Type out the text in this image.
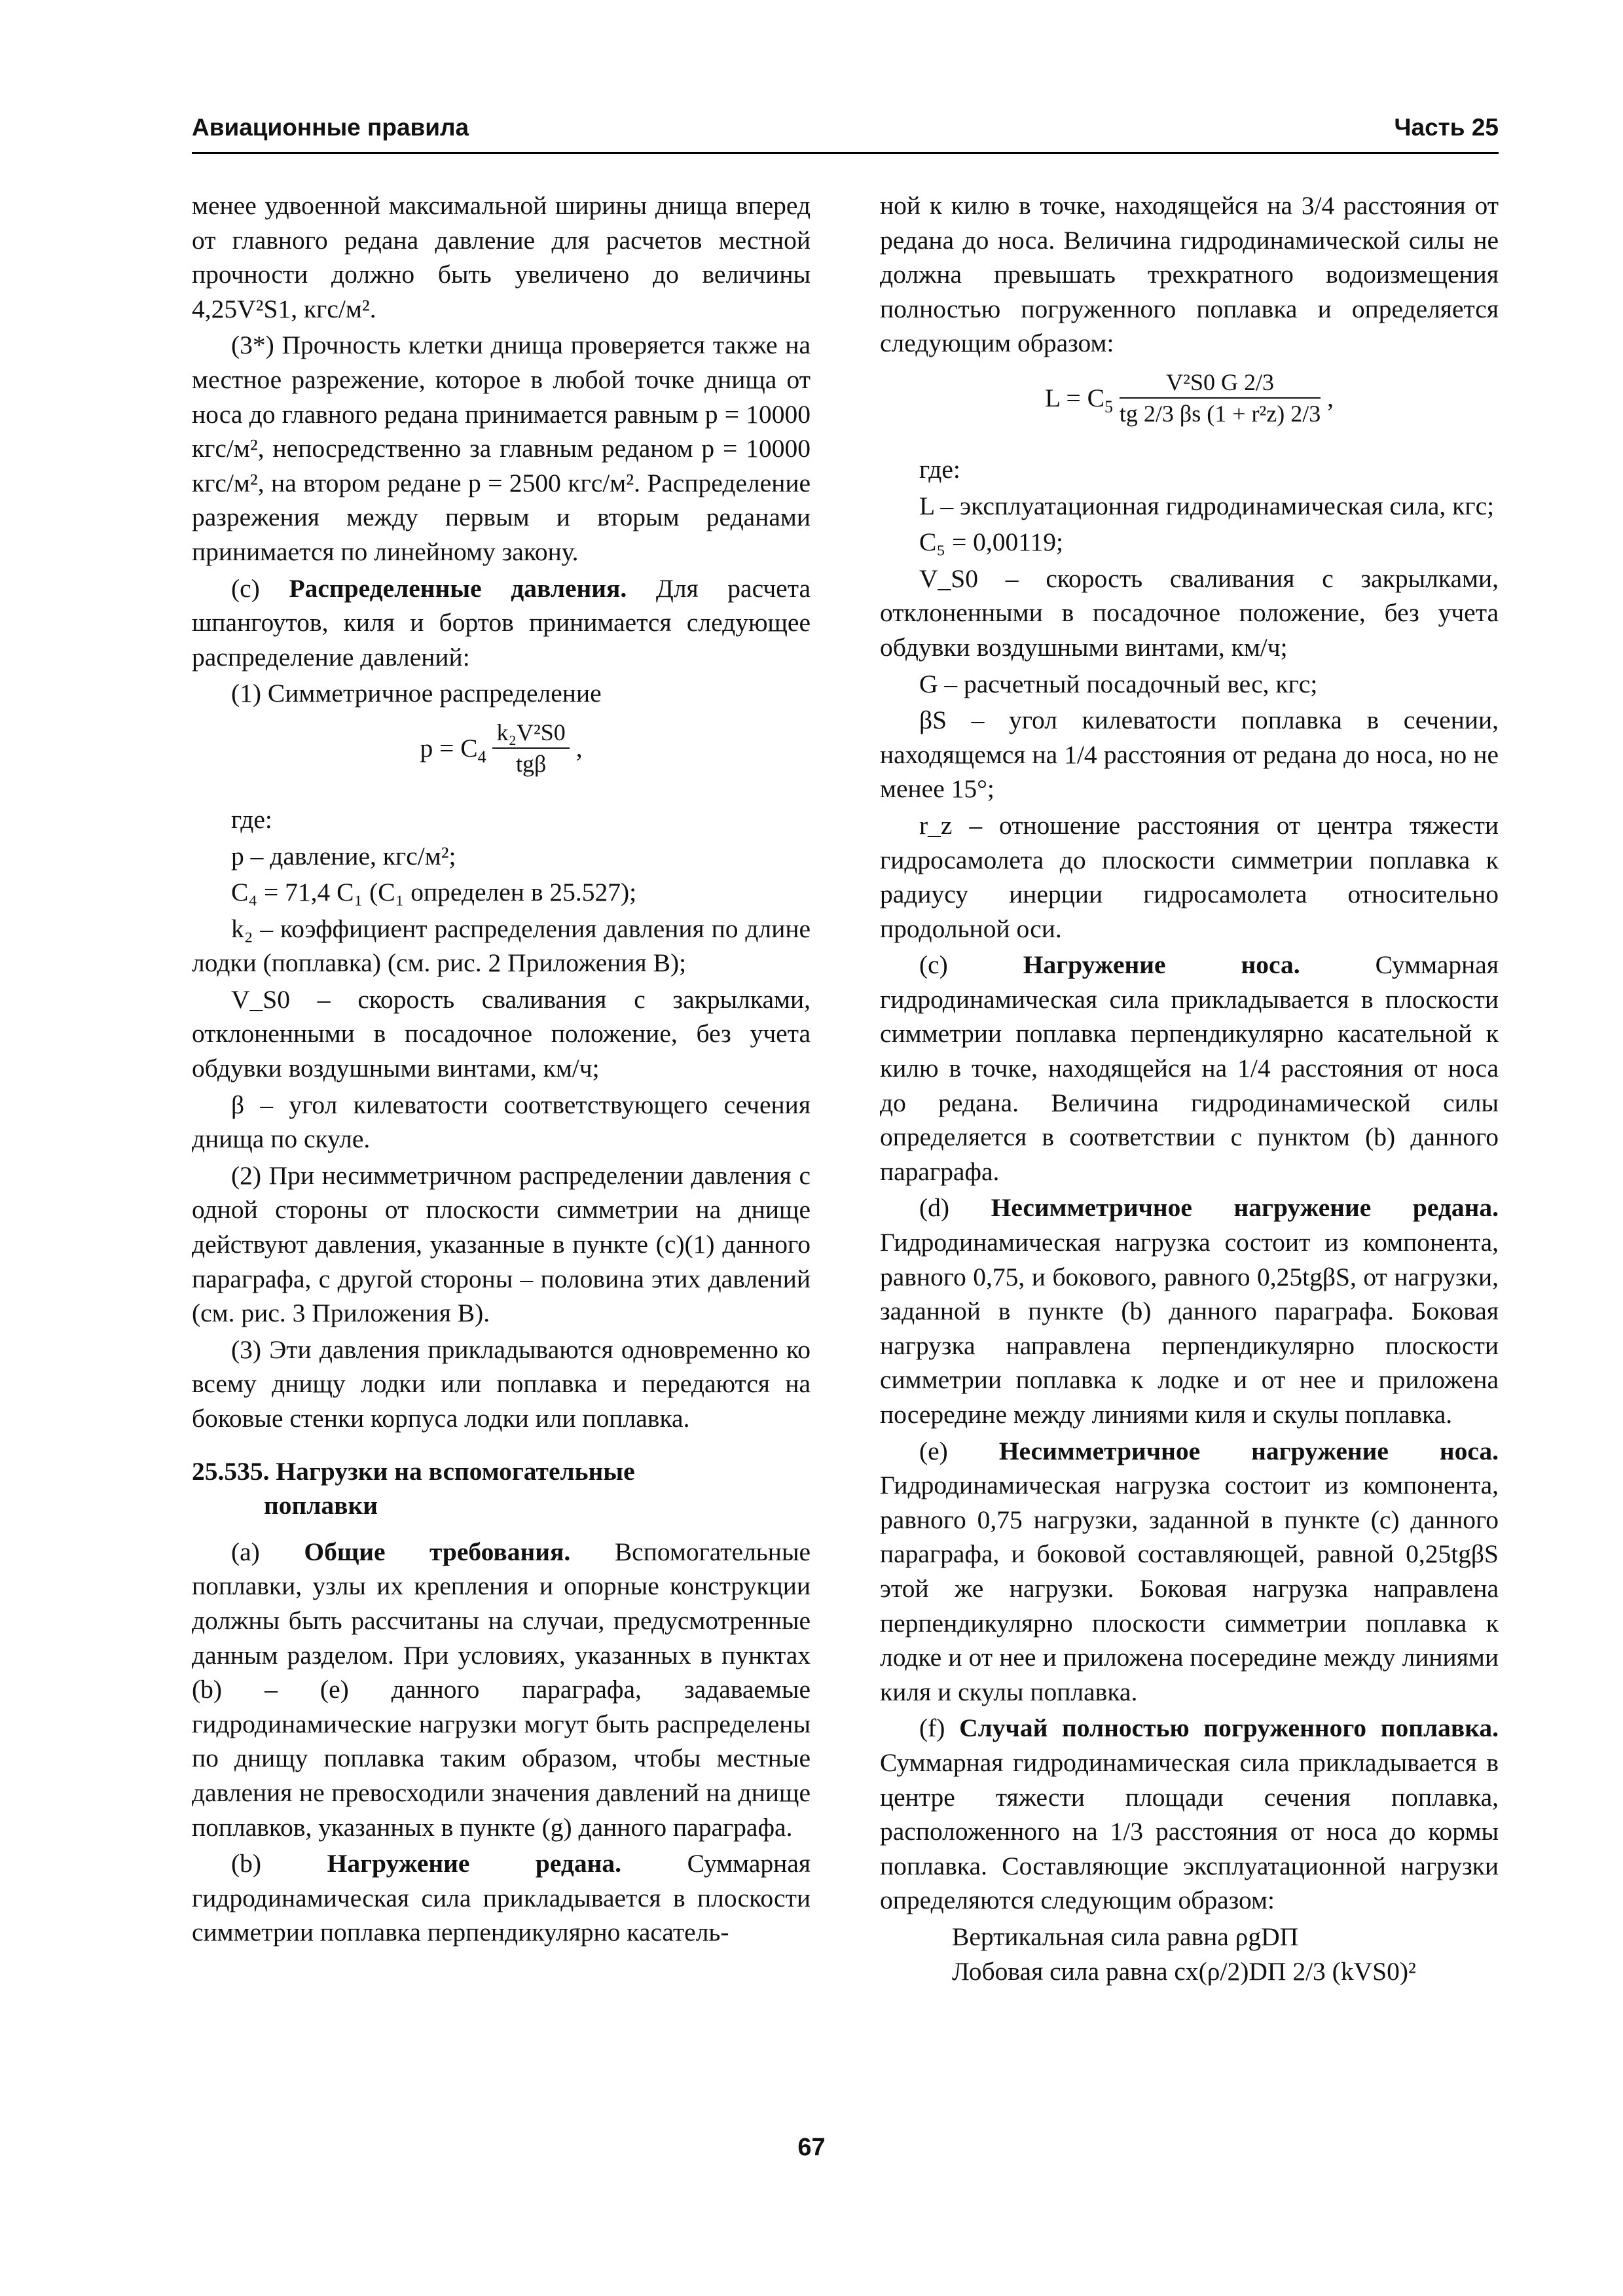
Авиационные правила	Часть 25

менее удвоенной максимальной ширины днища вперед от главного редана давление для расчетов местной прочности должно быть увеличено до величины 4,25V²S1, кгс/м².

(3*) Прочность клетки днища проверяется также на местное разрежение, которое в любой точке днища от носа до главного редана принимается равным р = 10000 кгс/м², непосредственно за главным реданом р = 10000 кгс/м², на втором редане р = 2500 кгс/м². Распределение разрежения между первым и вторым реданами принимается по линейному закону.

(с) Распределенные давления. Для расчета шпангоутов, киля и бортов принимается следующее распределение давлений:

(1) Симметричное распределение

$p = C_4 \frac{\text{k₂V²S0}}{\text{tgβ}}$ ,

где:

р – давление, кгс/м²;

C₄ = 71,4 C₁ (C₁ определен в 25.527);

k₂ – коэффициент распределения давления по длине лодки (поплавка) (см. рис. 2 Приложения В);

V_S0 – скорость сваливания с закрылками, отклоненными в посадочное положение, без учета обдувки воздушными винтами, км/ч;

β – угол килеватости соответствующего сечения днища по скуле.

(2) При несимметричном распределении давления с одной стороны от плоскости симметрии на днище действуют давления, указанные в пункте (с)(1) данного параграфа, с другой стороны – половина этих давлений (см. рис. 3 Приложения В).

(3) Эти давления прикладываются одновременно ко всему днищу лодки или поплавка и передаются на боковые стенки корпуса лодки или поплавка.

25.535. Нагрузки на вспомогательные
поплавки

(а) Общие требования. Вспомогательные поплавки, узлы их крепления и опорные конструкции должны быть рассчитаны на случаи, предусмотренные данным разделом. При условиях, указанных в пунктах (b) – (е) данного параграфа, задаваемые гидродинамические нагрузки могут быть распределены по днищу поплавка таким образом, чтобы местные давления не превосходили значения давлений на днище поплавков, указанных в пункте (g) данного параграфа.

(b)	Нагружение редана.	Суммарная гидродинамическая сила прикладывается в плоскости симметрии поплавка перпендикулярно касатель-

ной к килю в точке, находящейся на 3/4 расстояния от редана до носа. Величина гидродинамической силы не должна превышать трехкратного водоизмещения полностью погруженного поплавка и определяется следующим образом:

$L = C_5 \frac{\text{V²S0 G 2/3}}{\text{tg 2/3 βs (1 + r²z) 2/3}}$ ,

где:

L – эксплуатационная гидродинамическая сила, кгс;

C₅ = 0,00119;

V_S0 – скорость сваливания с закрылками, отклоненными в посадочное положение, без учета обдувки воздушными винтами, км/ч;

G – расчетный посадочный вес, кгс;

βS – угол килеватости поплавка в сечении, находящемся на 1/4 расстояния от редана до носа, но не менее 15°;

r_z – отношение расстояния от центра тяжести гидросамолета до плоскости симметрии поплавка к радиусу инерции гидросамолета относительно продольной оси.

(с)	Нагружение носа.	Суммарная гидродинамическая сила прикладывается в плоскости симметрии поплавка перпендикулярно касательной к килю в точке, находящейся на 1/4 расстояния от носа до редана. Величина гидродинамической силы определяется в соответствии с пунктом (b) данного параграфа.

(d) Несимметричное нагружение редана. Гидродинамическая нагрузка состоит из компонента, равного 0,75, и бокового, равного 0,25tgβS, от нагрузки, заданной в пункте (b) данного параграфа. Боковая нагрузка направлена перпендикулярно плоскости симметрии поплавка к лодке и от нее и приложена посередине между линиями киля и скулы поплавка.

(е) Несимметричное нагружение носа. Гидродинамическая нагрузка состоит из компонента, равного 0,75 нагрузки, заданной в пункте (с) данного параграфа, и боковой составляющей, равной 0,25tgβS этой же нагрузки. Боковая нагрузка направлена перпендикулярно плоскости симметрии поплавка к лодке и от нее и приложена посередине между линиями киля и скулы поплавка.

(f) Случай полностью погруженного поплавка. Суммарная гидродинамическая сила прикладывается в центре тяжести площади сечения поплавка, расположенного на 1/3 расстояния от носа до кормы поплавка. Составляющие эксплуатационной нагрузки определяются следующим образом:

Вертикальная сила равна ρgDП

Лобовая сила равна cx(ρ/2)DП 2/3 (kVS0)²

67
